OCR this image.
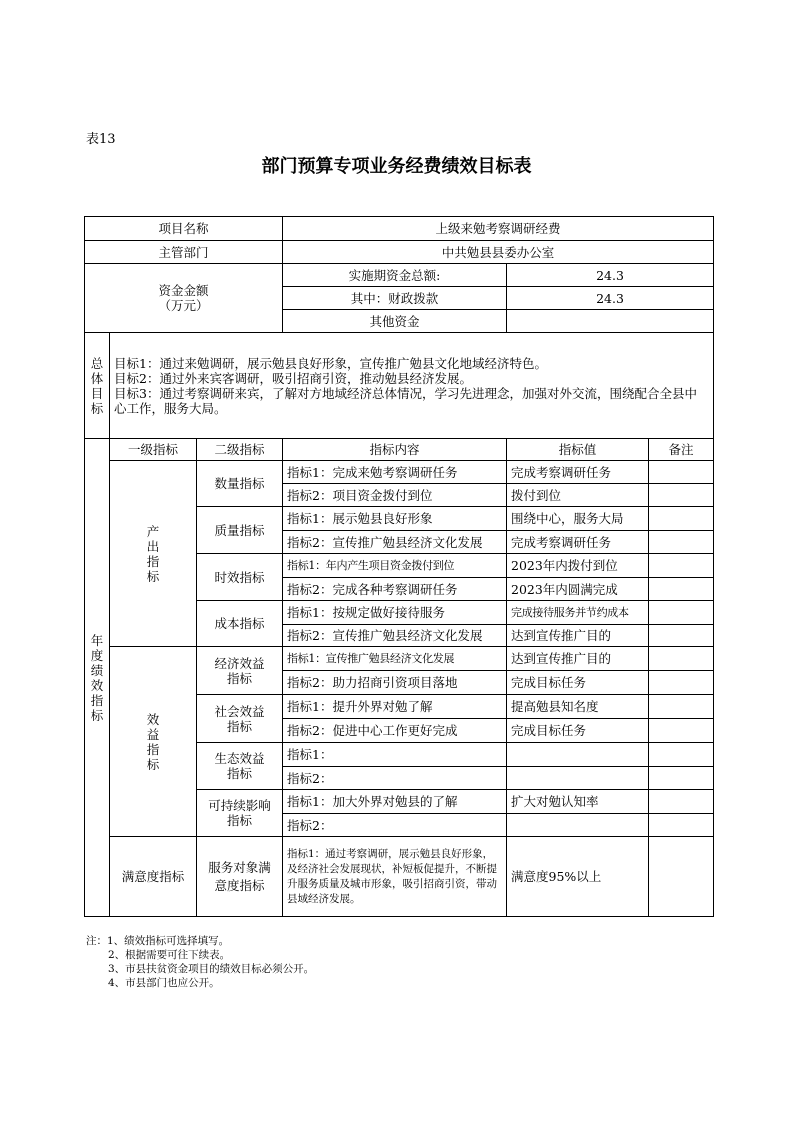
表13
部门预算专项业务经费绩效目标表
项目名称			上级来勉考察调研经费		
主管部门			中共勉县县委办公室		
资金金额
（万元）			实施期资金总额:	24.3	
			其中：财政拨款	24.3	
			其他资金		

总体目标	目标1：通过来勉调研，展示勉县良好形象，宣传推广勉县文化地域经济特色。
目标2：通过外来宾客调研，吸引招商引资，推动勉县经济发展。
目标3：通过考察调研来宾，了解对方地域经济总体情况，学习先进理念，加强对外交流，围绕配合全县中心工作，服务大局。				

年度绩效指标	一级指标	二级指标	指标内容	指标值	备注

	产出指标	数量指标	指标1：完成来勉考察调研任务	完成考察调研任务	
			指标2：项目资金拨付到位	拨付到位	
		质量指标	指标1：展示勉县良好形象	围绕中心，服务大局	
			指标2：宣传推广勉县经济文化发展	完成考察调研任务	
		时效指标	指标1：年内产生项目资金拨付到位	2023年内拨付到位	
			指标2：完成各种考察调研任务	2023年内圆满完成	
		成本指标	指标1：按规定做好接待服务	完成接待服务并节约成本	
			指标2：宣传推广勉县经济文化发展	达到宣传推广目的	

	效益指标	经济效益指标	指标1：宣传推广勉县经济文化发展	达到宣传推广目的	
			指标2：助力招商引资项目落地	完成目标任务	

		社会效益指标	指标1：提升外界对勉了解	提高勉县知名度	
			指标2：促进中心工作更好完成	完成目标任务	

		生态效益指标	指标1：		
			指标2：		

		可持续影响指标	指标1：加大外界对勉县的了解	扩大对勉认知率	
			指标2：		
	满意度指标	服务对象满意度指标	指标1：通过考察调研，展示勉县良好形象，及经济社会发展现状，补短板促提升，不断提升服务质量及城市形象，吸引招商引资，带动县域经济发展。	满意度95%以上	
注：1、绩效指标可选择填写。
2、根据需要可往下续表。
3、市县扶贫资金项目的绩效目标必须公开。
4、市县部门也应公开。
